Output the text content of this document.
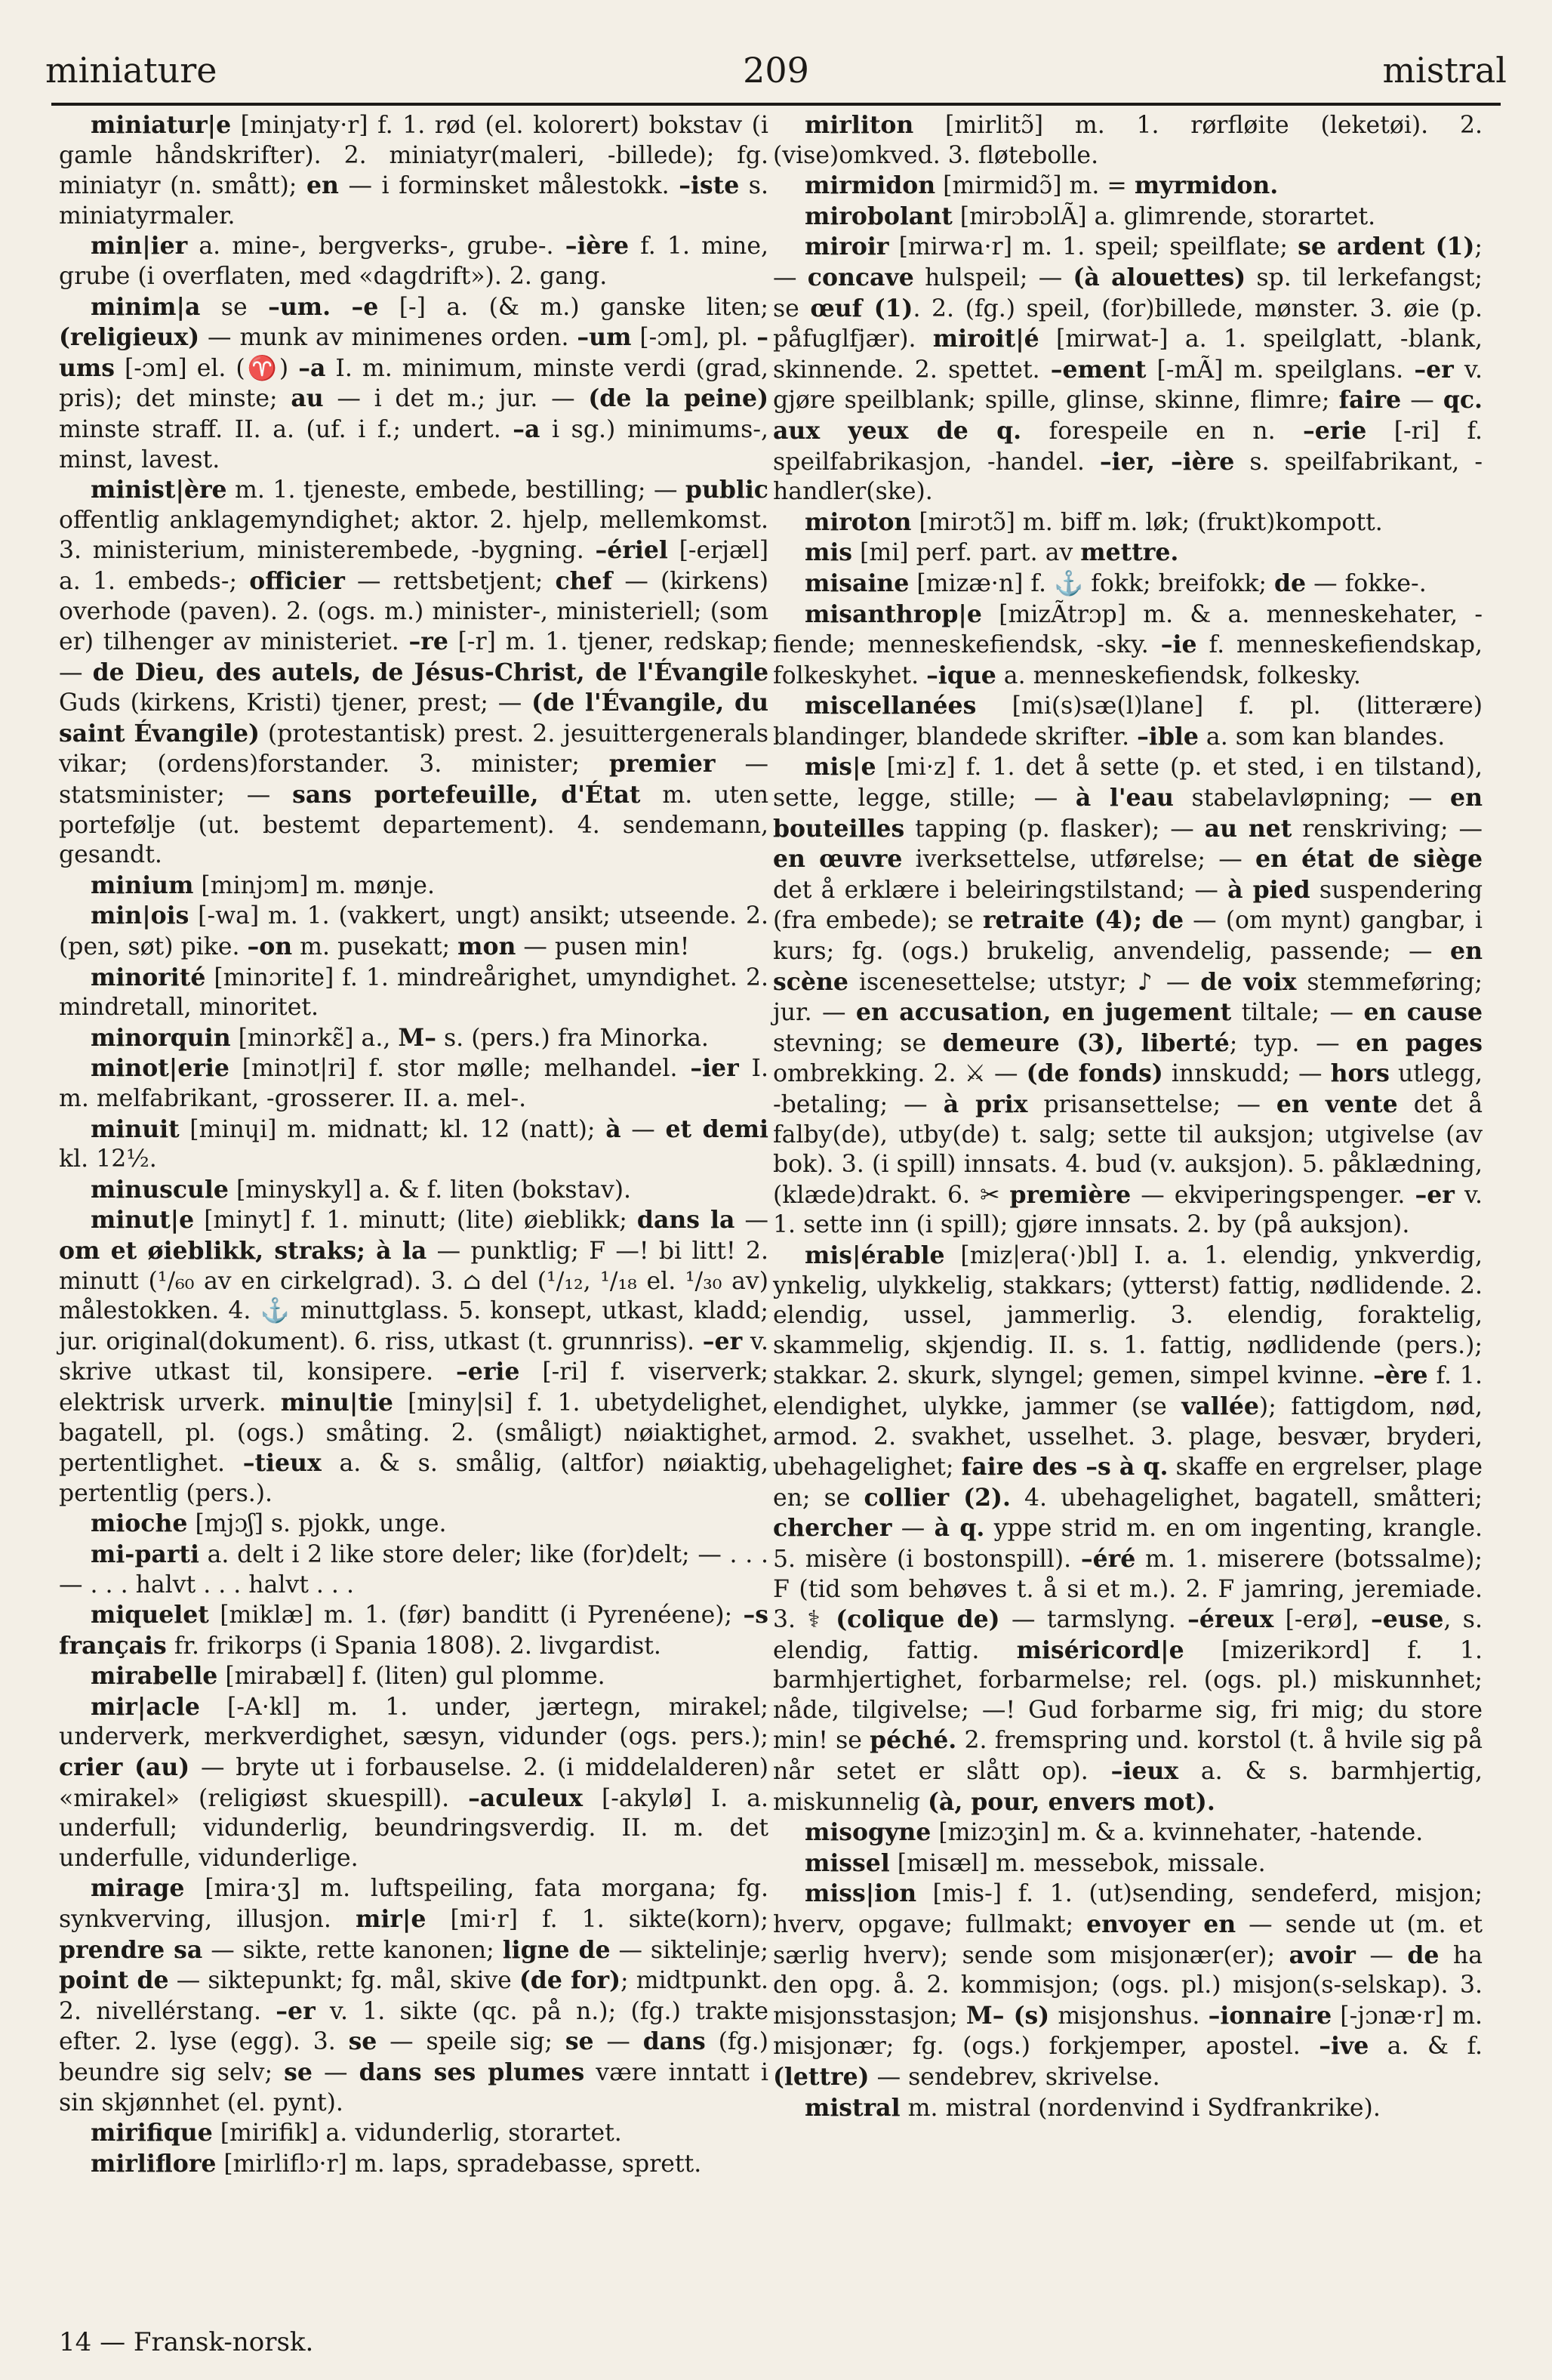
miniature	209	mistral

miniatur|e [minjaty·r] f. 1. rød (el. kolorert) bokstav (i gamle håndskrifter). 2. miniatyr(maleri, -billede); fg. miniatyr (n. smått); en — i forminsket målestokk. –iste s. miniatyrmaler.

min|ier a. mine-, bergverks-, grube-. –ière f. 1. mine, grube (i overflaten, med «dagdrift»). 2. gang.

minim|a se –um. –e [-] a. (& m.) ganske liten; (religieux) — munk av minimenes orden. –um [-ɔm], pl. –ums [-ɔm] el. (♈) –a I. m. minimum, minste verdi (grad, pris); det minste; au — i det m.; jur. — (de la peine) minste straff. II. a. (uf. i f.; undert. –a i sg.) minimums-, minst, lavest.

minist|ère m. 1. tjeneste, embede, bestilling; — public offentlig anklagemyndighet; aktor. 2. hjelp, mellemkomst. 3. ministerium, ministerembede, -bygning. –ériel [-erjæl] a. 1. embeds-; officier — rettsbetjent; chef — (kirkens) overhode (paven). 2. (ogs. m.) minister-, ministeriell; (som er) tilhenger av ministeriet. –re [-r] m. 1. tjener, redskap; — de Dieu, des autels, de Jésus-Christ, de l'Évangile Guds (kirkens, Kristi) tjener, prest; — (de l'Évangile, du saint Évangile) (protestantisk) prest. 2. jesuittergenerals vikar; (ordens)forstander. 3. minister; premier — statsminister; — sans portefeuille, d'État m. uten portefølje (ut. bestemt departement). 4. sendemann, gesandt.

minium [minjɔm] m. mønje.

min|ois [-wa] m. 1. (vakkert, ungt) ansikt; utseende. 2. (pen, søt) pike. –on m. pusekatt; mon — pusen min!

minorité [minɔrite] f. 1. mindreårighet, umyndighet. 2. mindretall, minoritet.

minorquin [minɔrkɛ̃] a., M– s. (pers.) fra Minorka.

minot|erie [minɔt|ri] f. stor mølle; melhandel. –ier I. m. melfabrikant, -grosserer. II. a. mel-.

minuit [minɥi] m. midnatt; kl. 12 (natt); à — et demi kl. 12½.

minuscule [minyskyl] a. & f. liten (bokstav).

minut|e [minyt] f. 1. minutt; (lite) øieblikk; dans la — om et øieblikk, straks; à la — punktlig; F —! bi litt! 2. minutt (¹/₆₀ av en cirkelgrad). 3. ⌂ del (¹/₁₂, ¹/₁₈ el. ¹/₃₀ av) målestokken. 4. ⚓ minuttglass. 5. konsept, utkast, kladd; jur. original(dokument). 6. riss, utkast (t. grunnriss). –er v. skrive utkast til, konsipere. –erie [-ri] f. viserverk; elektrisk urverk. minu|tie [miny|si] f. 1. ubetydelighet, bagatell, pl. (ogs.) småting. 2. (småligt) nøiaktighet, pertentlighet. –tieux a. & s. smålig, (altfor) nøiaktig, pertentlig (pers.).

mioche [mjɔʃ] s. pjokk, unge.

mi-parti a. delt i 2 like store deler; like (for)delt; — . . . — . . . halvt . . . halvt . . .

miquelet [miklæ] m. 1. (før) banditt (i Pyrenéene); –s français fr. frikorps (i Spania 1808). 2. livgardist.

mirabelle [mirabæl] f. (liten) gul plomme.

mir|acle [-A·kl] m. 1. under, jærtegn, mirakel; underverk, merkverdighet, sæsyn, vidunder (ogs. pers.); crier (au) — bryte ut i forbauselse. 2. (i middelalderen) «mirakel» (religiøst skuespill). –aculeux [-akylø] I. a. underfull; vidunderlig, beundringsverdig. II. m. det underfulle, vidunderlige.

mirage [mira·ʒ] m. luftspeiling, fata morgana; fg. synkverving, illusjon. mir|e [mi·r] f. 1. sikte(korn); prendre sa — sikte, rette kanonen; ligne de — siktelinje; point de — siktepunkt; fg. mål, skive (de for); midtpunkt. 2. nivellérstang. –er v. 1. sikte (qc. på n.); (fg.) trakte efter. 2. lyse (egg). 3. se — speile sig; se — dans (fg.) beundre sig selv; se — dans ses plumes være inntatt i sin skjønnhet (el. pynt).

mirifique [mirifik] a. vidunderlig, storartet.

mirliflore [mirliflɔ·r] m. laps, spradebasse, sprett.

mirliton [mirlitɔ̃] m. 1. rørfløite (leketøi). 2. (vise)omkved. 3. fløtebolle.

mirmidon [mirmidɔ̃] m. = myrmidon.

mirobolant [mirɔbɔlÃ] a. glimrende, storartet.

miroir [mirwa·r] m. 1. speil; speilflate; se ardent (1); — concave hulspeil; — (à alouettes) sp. til lerkefangst; se œuf (1). 2. (fg.) speil, (for)billede, mønster. 3. øie (p. påfuglfjær). miroit|é [mirwat-] a. 1. speilglatt, -blank, skinnende. 2. spettet. –ement [-mÃ] m. speilglans. –er v. gjøre speilblank; spille, glinse, skinne, flimre; faire — qc. aux yeux de q. forespeile en n. –erie [-ri] f. speilfabrikasjon, -handel. –ier, –ière s. speilfabrikant, -handler(ske).

miroton [mirɔtɔ̃] m. biff m. løk; (frukt)kompott.

mis [mi] perf. part. av mettre.

misaine [mizæ·n] f. ⚓ fokk; breifokk; de — fokke-.

misanthrop|e [mizÃtrɔp] m. & a. menneskehater, -fiende; menneskefiendsk, -sky. –ie f. menneskefiendskap, folkeskyhet. –ique a. menneskefiendsk, folkesky.

miscellanées [mi(s)sæ(l)lane] f. pl. (litterære) blandinger, blandede skrifter. –ible a. som kan blandes.

mis|e [mi·z] f. 1. det å sette (p. et sted, i en tilstand), sette, legge, stille; — à l'eau stabelavløpning; — en bouteilles tapping (p. flasker); — au net renskriving; — en œuvre iverksettelse, utførelse; — en état de siège det å erklære i beleiringstilstand; — à pied suspendering (fra embede); se retraite (4); de — (om mynt) gangbar, i kurs; fg. (ogs.) brukelig, anvendelig, passende; — en scène iscenesettelse; utstyr; ♪ — de voix stemmeføring; jur. — en accusation, en jugement tiltale; — en cause stevning; se demeure (3), liberté; typ. — en pages ombrekking. 2. ⚔ — (de fonds) innskudd; — hors utlegg, -betaling; — à prix prisansettelse; — en vente det å falby(de), utby(de) t. salg; sette til auksjon; utgivelse (av bok). 3. (i spill) innsats. 4. bud (v. auksjon). 5. påklædning, (klæde)drakt. 6. ✂ première — ekviperingspenger. –er v. 1. sette inn (i spill); gjøre innsats. 2. by (på auksjon).

mis|érable [miz|era(·)bl] I. a. 1. elendig, ynkverdig, ynkelig, ulykkelig, stakkars; (ytterst) fattig, nødlidende. 2. elendig, ussel, jammerlig. 3. elendig, foraktelig, skammelig, skjendig. II. s. 1. fattig, nødlidende (pers.); stakkar. 2. skurk, slyngel; gemen, simpel kvinne. –ère f. 1. elendighet, ulykke, jammer (se vallée); fattigdom, nød, armod. 2. svakhet, usselhet. 3. plage, besvær, bryderi, ubehagelighet; faire des –s à q. skaffe en ergrelser, plage en; se collier (2). 4. ubehagelighet, bagatell, småtteri; chercher — à q. yppe strid m. en om ingenting, krangle. 5. misère (i bostonspill). –éré m. 1. miserere (botssalme); F (tid som behøves t. å si et m.). 2. F jamring, jeremiade. 3. ⚕ (colique de) — tarmslyng. –éreux [-erø], –euse, s. elendig, fattig. miséricord|e [mizerikɔrd] f. 1. barmhjertighet, forbarmelse; rel. (ogs. pl.) miskunnhet; nåde, tilgivelse; —! Gud forbarme sig, fri mig; du store min! se péché. 2. fremspring und. korstol (t. å hvile sig på når setet er slått op). –ieux a. & s. barmhjertig, miskunnelig (à, pour, envers mot).

misogyne [mizɔʒin] m. & a. kvinnehater, -hatende.

missel [misæl] m. messebok, missale.

miss|ion [mis-] f. 1. (ut)sending, sendeferd, misjon; hverv, opgave; fullmakt; envoyer en — sende ut (m. et særlig hverv); sende som misjonær(er); avoir — de ha den opg. å. 2. kommisjon; (ogs. pl.) misjon(s-selskap). 3. misjonsstasjon; M– (s) misjonshus. –ionnaire [-jɔnæ·r] m. misjonær; fg. (ogs.) forkjemper, apostel. –ive a. & f. (lettre) — sendebrev, skrivelse.

mistral m. mistral (nordenvind i Sydfrankrike).

14 — Fransk-norsk.
